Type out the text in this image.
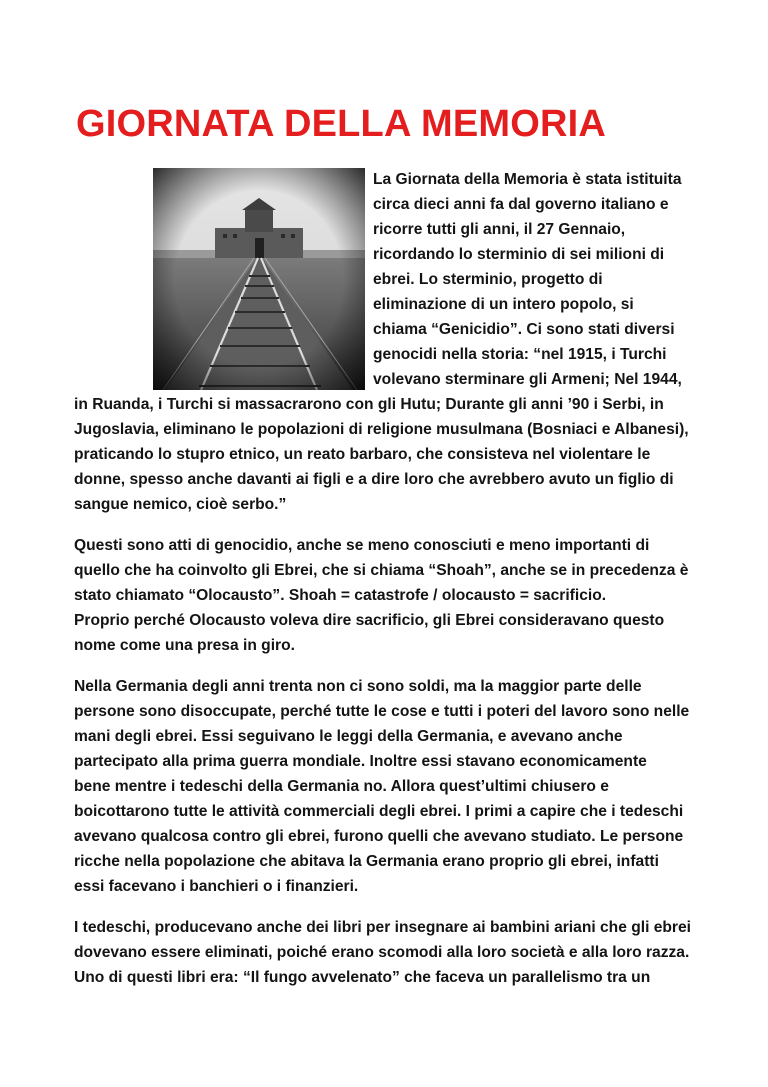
GIORNATA DELLA MEMORIA
La Giornata della Memoria è stata istituita
circa dieci anni fa dal governo italiano e
ricorre tutti gli anni, il 27 Gennaio,
ricordando lo sterminio di sei milioni di
ebrei. Lo sterminio, progetto di
eliminazione di un intero popolo, si
chiama “Genicidio”. Ci sono stati diversi
genocidi nella storia: “nel 1915, i Turchi
volevano sterminare gli Armeni; Nel 1944,
in Ruanda, i Turchi si massacrarono con gli Hutu; Durante gli anni ’90 i Serbi, in
Jugoslavia, eliminano le popolazioni di religione musulmana (Bosniaci e Albanesi),
praticando lo stupro etnico, un reato barbaro, che consisteva nel violentare le
donne, spesso anche davanti ai figli e a dire loro che avrebbero avuto un figlio di
sangue nemico, cioè serbo.”
Questi sono atti di genocidio, anche se meno conosciuti e meno importanti di
quello che ha coinvolto gli Ebrei, che si chiama “Shoah”, anche se in precedenza è
stato chiamato “Olocausto”. Shoah = catastrofe / olocausto = sacrificio.
Proprio perché Olocausto voleva dire sacrificio, gli Ebrei consideravano questo
nome come una presa in giro.
Nella Germania degli anni trenta non ci sono soldi, ma la maggior parte delle
persone sono disoccupate, perché tutte le cose e tutti i poteri del lavoro sono nelle
mani degli ebrei. Essi seguivano le leggi della Germania, e avevano anche
partecipato alla prima guerra mondiale. Inoltre essi stavano economicamente
bene mentre i tedeschi della Germania no. Allora quest’ultimi chiusero e
boicottarono tutte le attività commerciali degli ebrei. I primi a capire che i tedeschi
avevano qualcosa contro gli ebrei, furono quelli che avevano studiato. Le persone
ricche nella popolazione che abitava la Germania erano proprio gli ebrei, infatti
essi facevano i banchieri o i finanzieri.
I tedeschi, producevano anche dei libri per insegnare ai bambini ariani che gli ebrei
dovevano essere eliminati, poiché erano scomodi alla loro società e alla loro razza.
Uno di questi libri era: “Il fungo avvelenato” che faceva un parallelismo tra un
